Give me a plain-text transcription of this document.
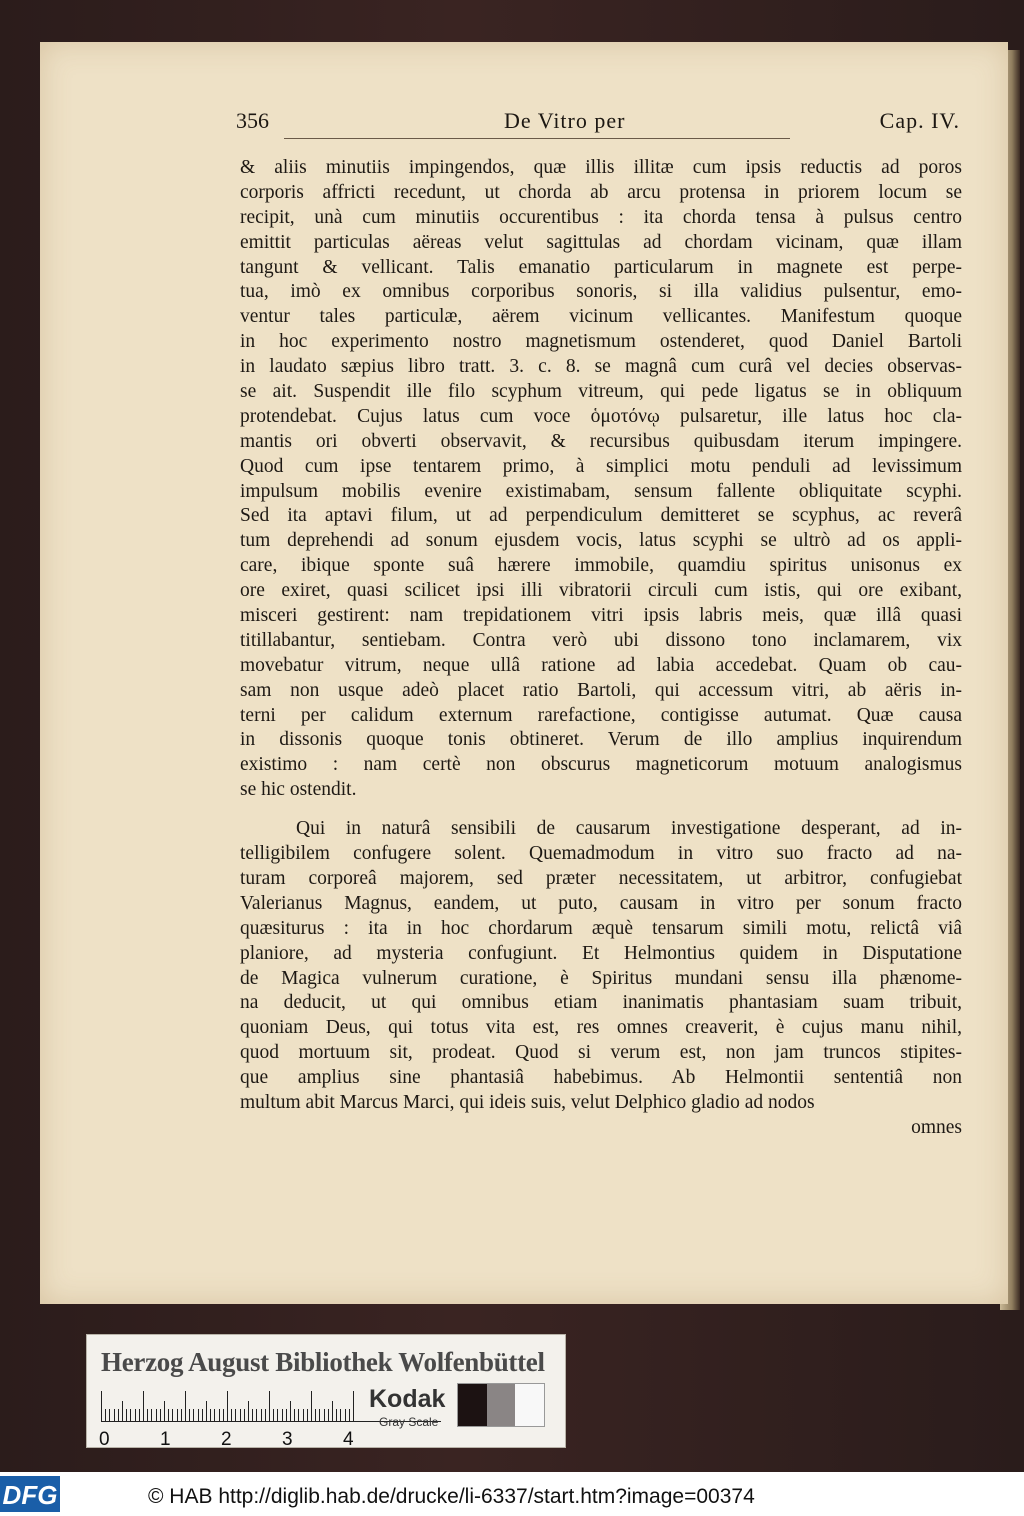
356	De Vitro per	Cap. IV.
& aliis minutiis impingendos, quæ illis illitæ cum ipsis reductis ad poros
corporis affricti recedunt, ut chorda ab arcu protensa in priorem locum se
recipit, unà cum minutiis occurentibus : ita chorda tensa à pulsus centro
emittit particulas aëreas velut sagittulas ad chordam vicinam, quæ illam
tangunt & vellicant. Talis emanatio particularum in magnete est perpe-
tua, imò ex omnibus corporibus sonoris, si illa validius pulsentur, emo-
ventur tales particulæ, aërem vicinum vellicantes. Manifestum quoque
in hoc experimento nostro magnetismum ostenderet, quod Daniel Bartoli
in laudato sæpius libro tratt. 3. c. 8. se magnâ cum curâ vel decies observas-
se ait. Suspendit ille filo scyphum vitreum, qui pede ligatus se in obliquum
protendebat. Cujus latus cum voce ὁμοτόνῳ pulsaretur, ille latus hoc cla-
mantis ori obverti observavit, & recursibus quibusdam iterum impingere.
Quod cum ipse tentarem primo, à simplici motu penduli ad levissimum
impulsum mobilis evenire existimabam, sensum fallente obliquitate scyphi.
Sed ita aptavi filum, ut ad perpendiculum demitteret se scyphus, ac reverâ
tum deprehendi ad sonum ejusdem vocis, latus scyphi se ultrò ad os appli-
care, ibique sponte suâ hærere immobile, quamdiu spiritus unisonus ex
ore exiret, quasi scilicet ipsi illi vibratorii circuli cum istis, qui ore exibant,
misceri gestirent: nam trepidationem vitri ipsis labris meis, quæ illâ quasi
titillabantur, sentiebam. Contra verò ubi dissono tono inclamarem, vix
movebatur vitrum, neque ullâ ratione ad labia accedebat. Quam ob cau-
sam non usque adeò placet ratio Bartoli, qui accessum vitri, ab aëris in-
terni per calidum externum rarefactione, contigisse autumat. Quæ causa
in dissonis quoque tonis obtineret. Verum de illo amplius inquirendum
existimo : nam certè non obscurus magneticorum motuum analogismus
se hic ostendit.
Qui in naturâ sensibili de causarum investigatione desperant, ad in-
telligibilem confugere solent. Quemadmodum in vitro suo fracto ad na-
turam corporeâ majorem, sed præter necessitatem, ut arbitror, confugiebat
Valerianus Magnus, eandem, ut puto, causam in vitro per sonum fracto
quæsiturus : ita in hoc chordarum æquè tensarum simili motu, relictâ viâ
planiore, ad mysteria confugiunt. Et Helmontius quidem in Disputatione
de Magica vulnerum curatione, è Spiritus mundani sensu illa phænome-
na deducit, ut qui omnibus etiam inanimatis phantasiam suam tribuit,
quoniam Deus, qui totus vita est, res omnes creaverit, è cujus manu nihil,
quod mortuum sit, prodeat. Quod si verum est, non jam truncos stipites-
que amplius sine phantasiâ habebimus. Ab Helmontii sententiâ non
multum abit Marcus Marci, qui ideis suis, velut Delphico gladio ad nodos
omnes
Herzog August Bibliothek Wolfenbüttel
0	1	2	3	4
Kodak
Gray Scale
DFG	© HAB http://diglib.hab.de/drucke/li-6337/start.htm?image=00374
